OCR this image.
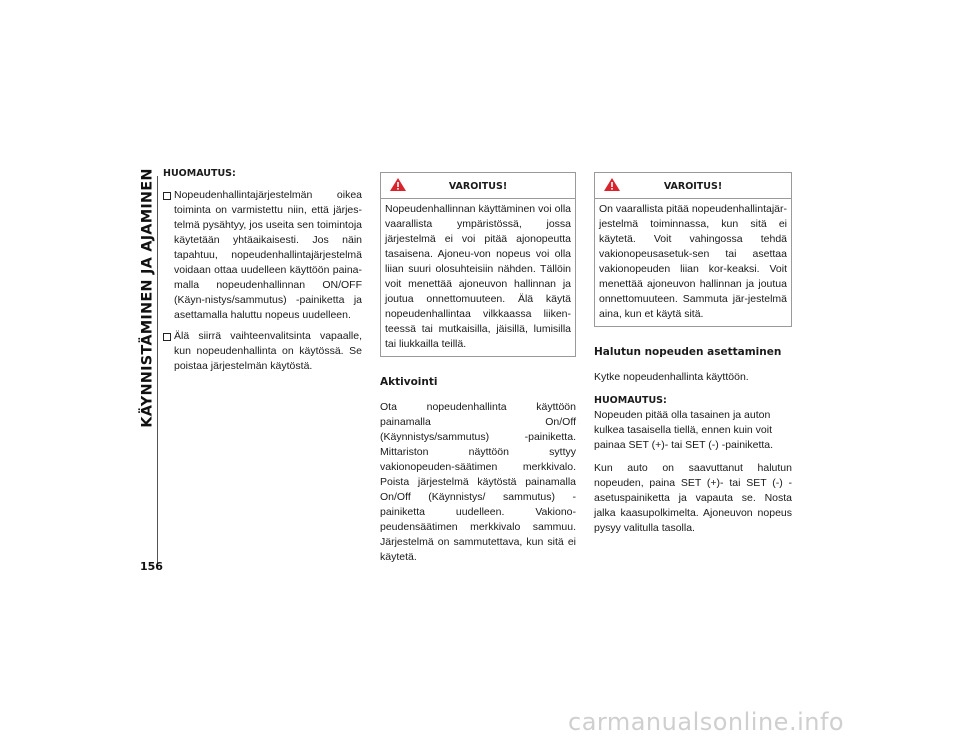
KÄYNNISTÄMINEN JA AJAMINEN
156
HUOMAUTUS:
Nopeudenhallintajärjestelmän oikea toiminta on varmistettu niin, että järjes-telmä pysähtyy, jos useita sen toimintoja käytetään yhtäaikaisesti. Jos näin tapahtuu, nopeudenhallintajärjestelmä voidaan ottaa uudelleen käyttöön paina-malla nopeudenhallinnan ON/OFF (Käyn-nistys/sammutus) -painiketta ja asettamalla haluttu nopeus uudelleen.
Älä siirrä vaihteenvalitsinta vapaalle, kun nopeudenhallinta on käytössä. Se poistaa järjestelmän käytöstä.
VAROITUS!
Nopeudenhallinnan käyttäminen voi olla vaarallista ympäristössä, jossa järjestelmä ei voi pitää ajonopeutta tasaisena. Ajoneu-von nopeus voi olla liian suuri olosuhteisiin nähden. Tällöin voit menettää ajoneuvon hallinnan ja joutua onnettomuuteen. Älä käytä nopeudenhallintaa vilkkaassa liiken-teessä tai mutkaisilla, jäisillä, lumisilla tai liukkailla teillä.
Aktivointi

Ota nopeudenhallinta käyttöön painamalla On/Off (Käynnistys/sammutus) -painiketta. Mittariston näyttöön syttyy vakionopeuden-säätimen merkkivalo. Poista järjestelmä käytöstä painamalla On/Off (Käynnistys/ sammutus) -painiketta uudelleen. Vakiono-peudensäätimen merkkivalo sammuu. Järjestelmä on sammutettava, kun sitä ei käytetä.

VAROITUS!
On vaarallista pitää nopeudenhallintajär-jestelmä toiminnassa, kun sitä ei käytetä. Voit vahingossa tehdä vakionopeusasetuk-sen tai asettaa vakionopeuden liian kor-keaksi. Voit menettää ajoneuvon hallinnan ja joutua onnettomuuteen. Sammuta jär-jestelmä aina, kun et käytä sitä.
Halutun nopeuden asettaminen

Kytke nopeudenhallinta käyttöön.

HUOMAUTUS:
Nopeuden pitää olla tasainen ja auton kulkea tasaisella tiellä, ennen kuin voit painaa SET (+)- tai SET (-) -painiketta.

Kun auto on saavuttanut halutun nopeuden, paina SET (+)- tai SET (-) -asetuspainiketta ja vapauta se. Nosta jalka kaasupolkimelta. Ajoneuvon nopeus pysyy valitulla tasolla.

carmanualsonline.info
